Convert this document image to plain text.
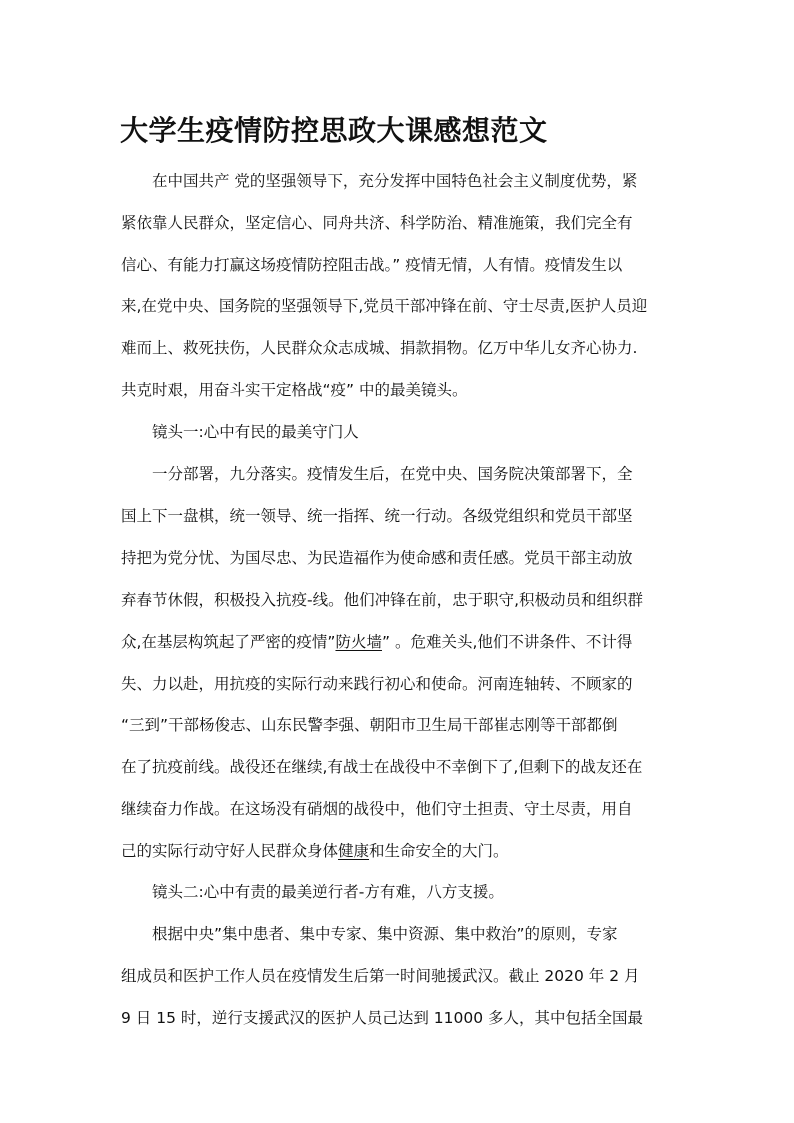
大学生疫情防控思政大课感想范文

在中国共产 党的坚强领导下，充分发挥中国特色社会主义制度优势，紧

紧依靠人民群众，坚定信心、同舟共济、科学防治、精准施策，我们完全有

信心、有能力打赢这场疫情防控阻击战。” 疫情无情，人有情。疫情发生以

来,在党中央、国务院的坚强领导下,党员干部冲锋在前、守士尽责,医护人员迎

难而上、救死扶伤，人民群众众志成城、捐款捐物。亿万中华儿女齐心协力.

共克时艰，用奋斗实干定格战“疫” 中的最美镜头。

镜头一:心中有民的最美守门人

一分部署，九分落实。疫情发生后，在党中央、国务院决策部署下，全

国上下一盘棋，统一领导、统一指挥、统一行动。各级党组织和党员干部坚

持把为党分忧、为国尽忠、为民造福作为使命感和责任感。党员干部主动放

弃春节休假，积极投入抗疫-线。他们冲锋在前，忠于职守,积极动员和组织群

众,在基层构筑起了严密的疫情”防火墙” 。危难关头,他们不讲条件、不计得

失、力以赴，用抗疫的实际行动来践行初心和使命。河南连轴转、不顾家的

“三到”干部杨俊志、山东民警李强、朝阳市卫生局干部崔志刚等干部都倒

在了抗疫前线。战役还在继续,有战士在战役中不幸倒下了,但剩下的战友还在

继续奋力作战。在这场没有硝烟的战役中，他们守土担责、守土尽责，用自

己的实际行动守好人民群众身体健康和生命安全的大门。

镜头二:心中有责的最美逆行者-方有难，八方支援。

根据中央”集中患者、集中专家、集中资源、集中救治”的原则，专家

组成员和医护工作人员在疫情发生后第一时间驰援武汉。截止 2020 年 2 月

9 日 15 时，逆行支援武汉的医护人员己达到 11000 多人，其中包括全国最
